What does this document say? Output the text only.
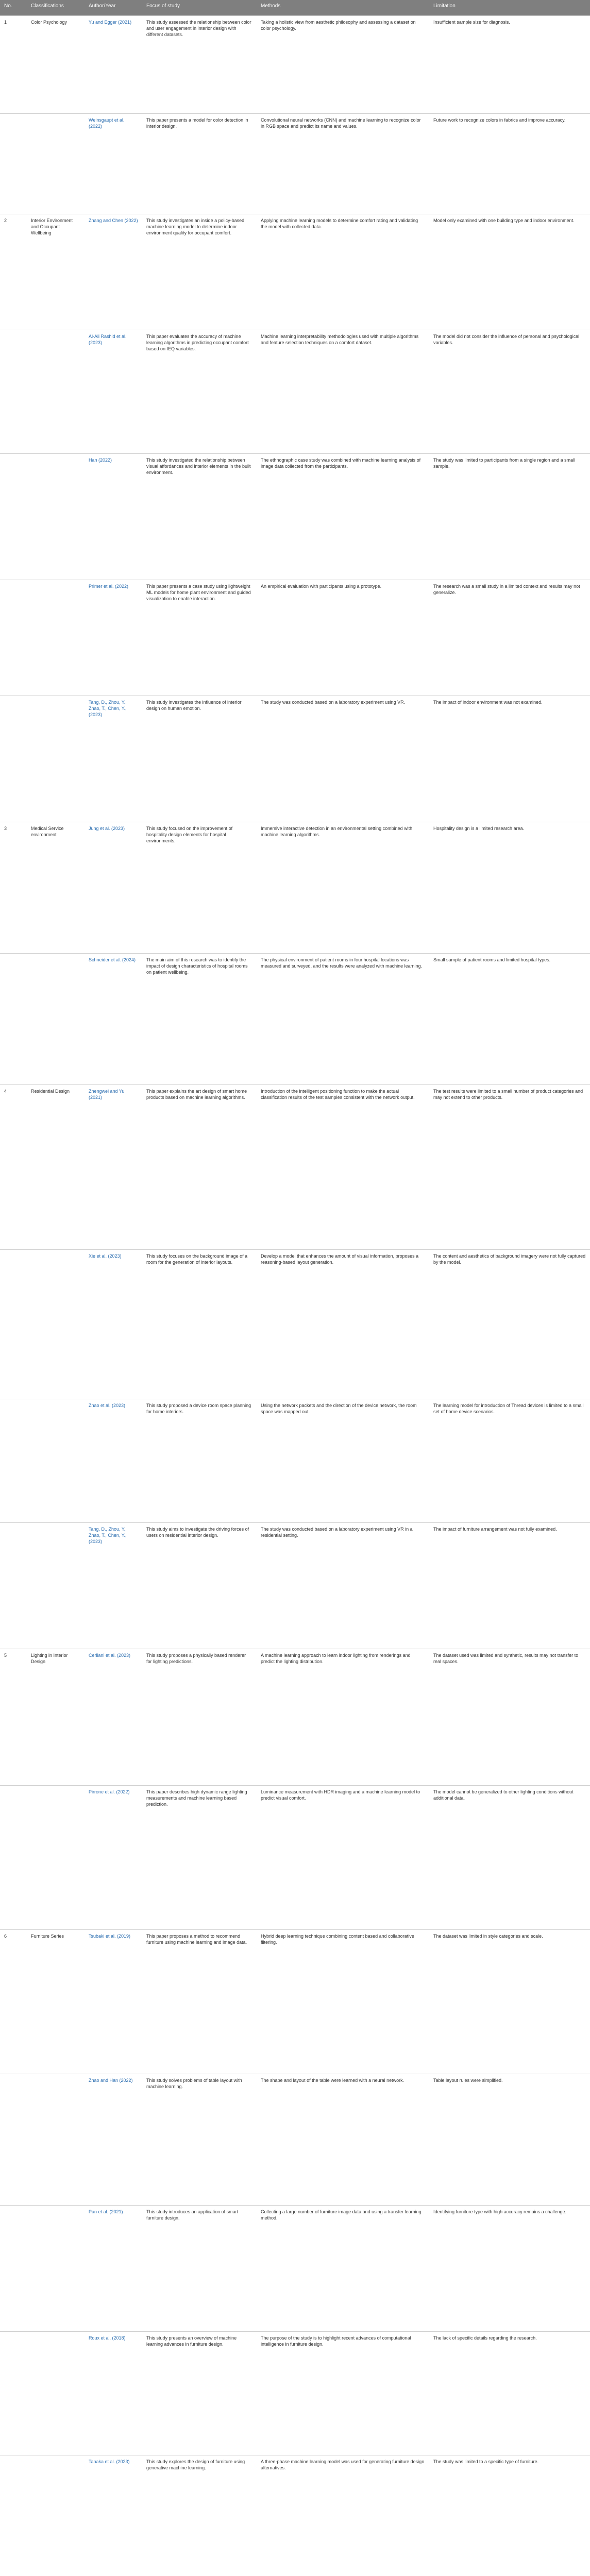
No.	Classifications	Author/Year	Focus of study	Methods	Limitation
1	Color Psychology	Yu and Egger (2021)	This study assessed the relationship between color and user engagement in interior design with different datasets.	Taking a holistic view from aesthetic philosophy and assessing a dataset on color psychology.	Insufficient sample size for diagnosis.
		Weinsgaupt et al. (2022)	This paper presents a model for color detection in interior design.	Convolutional neural networks (CNN) and machine learning to recognize color in RGB space and predict its name and values.	Future work to recognize colors in fabrics and improve accuracy.
2	Interior Environment and Occupant Wellbeing	Zhang and Chen (2022)	This study investigates an inside a policy-based machine learning model to determine indoor environment quality for occupant comfort.	Applying machine learning models to determine comfort rating and validating the model with collected data.	Model only examined with one building type and indoor environment.
		Al-Ali Rashid et al. (2023)	This paper evaluates the accuracy of machine learning algorithms in predicting occupant comfort based on IEQ variables.	Machine learning interpretability methodologies used with multiple algorithms and feature selection techniques on a comfort dataset.	The model did not consider the influence of personal and psychological variables.
		Han (2022)	This study investigated the relationship between visual affordances and interior elements in the built environment.	The ethnographic case study was combined with machine learning analysis of image data collected from the participants.	The study was limited to participants from a single region and a small sample.
		Primer et al. (2022)	This paper presents a case study using lightweight ML models for home plant environment and guided visualization to enable interaction.	An empirical evaluation with participants using a prototype.	The research was a small study in a limited context and results may not generalize.
		Tang, D., Zhou, Y., Zhao, T., Chen, Y., (2023)	This study investigates the influence of interior design on human emotion.	The study was conducted based on a laboratory experiment using VR.	The impact of indoor environment was not examined.
3	Medical Service environment	Jung et al. (2023)	This study focused on the improvement of hospitality design elements for hospital environments.	Immersive interactive detection in an environmental setting combined with machine learning algorithms.	Hospitality design is a limited research area.
		Schneider et al. (2024)	The main aim of this research was to identify the impact of design characteristics of hospital rooms on patient wellbeing.	The physical environment of patient rooms in four hospital locations was measured and surveyed, and the results were analyzed with machine learning.	Small sample of patient rooms and limited hospital types.
4	Residential Design	Zhengwei and Yu (2021)	This paper explains the art design of smart home products based on machine learning algorithms.	Introduction of the intelligent positioning function to make the actual classification results of the test samples consistent with the network output.	The test results were limited to a small number of product categories and may not extend to other products.
		Xie et al. (2023)	This study focuses on the background image of a room for the generation of interior layouts.	Develop a model that enhances the amount of visual information, proposes a reasoning-based layout generation.	The content and aesthetics of background imagery were not fully captured by the model.
		Zhao et al. (2023)	This study proposed a device room space planning for home interiors.	Using the network packets and the direction of the device network, the room space was mapped out.	The learning model for introduction of Thread devices is limited to a small set of home device scenarios.
		Tang, D., Zhou, Y., Zhao, T., Chen, Y., (2023)	This study aims to investigate the driving forces of users on residential interior design.	The study was conducted based on a laboratory experiment using VR in a residential setting.	The impact of furniture arrangement was not fully examined.
5	Lighting in Interior Design	Cerliani et al. (2023)	This study proposes a physically based renderer for lighting predictions.	A machine learning approach to learn indoor lighting from renderings and predict the lighting distribution.	The dataset used was limited and synthetic, results may not transfer to real spaces.
		Pirrone et al. (2022)	This paper describes high dynamic range lighting measurements and machine learning based prediction.	Luminance measurement with HDR imaging and a machine learning model to predict visual comfort.	The model cannot be generalized to other lighting conditions without additional data.
6	Furniture Series	Tsubaki et al. (2019)	This paper proposes a method to recommend furniture using machine learning and image data.	Hybrid deep learning technique combining content based and collaborative filtering.	The dataset was limited in style categories and scale.
		Zhao and Han (2022)	This study solves problems of table layout with machine learning.	The shape and layout of the table were learned with a neural network.	Table layout rules were simplified.
		Pan et al. (2021)	This study introduces an application of smart furniture design.	Collecting a large number of furniture image data and using a transfer learning method.	Identifying furniture type with high accuracy remains a challenge.
		Roux et al. (2018)	This study presents an overview of machine learning advances in furniture design.	The purpose of the study is to highlight recent advances of computational intelligence in furniture design.	The lack of specific details regarding the research.
		Tanaka et al. (2023)	This study explores the design of furniture using generative machine learning.	A three-phase machine learning model was used for generating furniture design alternatives.	The study was limited to a specific type of furniture.
